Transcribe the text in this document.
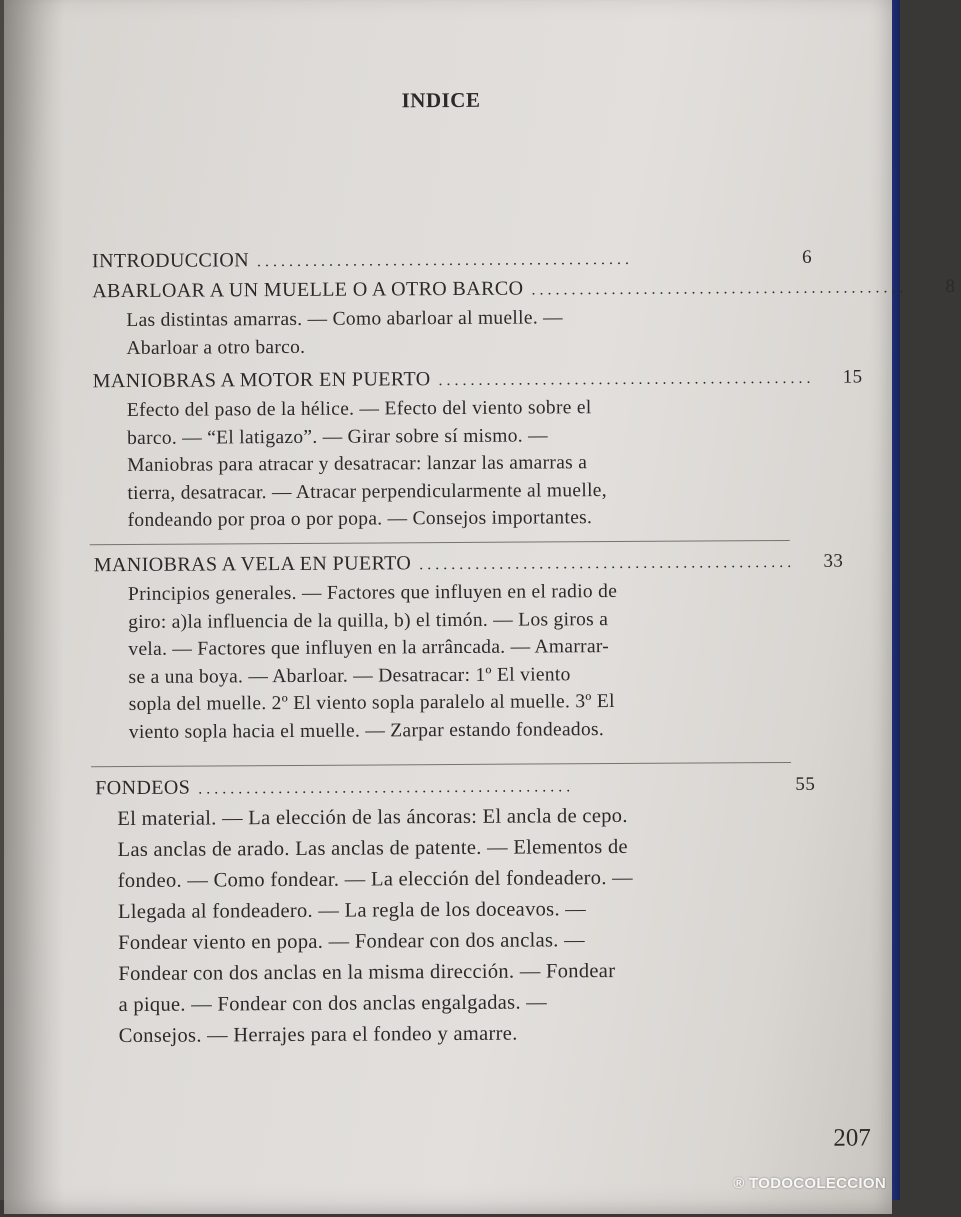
INDICE
INTRODUCCION ...............................................	6
ABARLOAR A UN MUELLE O A OTRO BARCO ...............................................	8
Las distintas amarras. — Como abarloar al muelle. —
Abarloar a otro barco.
MANIOBRAS A MOTOR EN PUERTO ...............................................	15
Efecto del paso de la hélice. — Efecto del viento sobre el
barco. — “El latigazo”. — Girar sobre sí mismo. —
Maniobras para atracar y desatracar: lanzar las amarras a
tierra, desatracar. — Atracar perpendicularmente al muelle,
fondeando por proa o por popa. — Consejos importantes.
MANIOBRAS A VELA EN PUERTO ...............................................	33
Principios generales. — Factores que influyen en el radio de
giro: a)la influencia de la quilla, b) el timón. — Los giros a
vela. — Factores que influyen en la arrâncada. — Amarrar-
se a una boya. — Abarloar. — Desatracar: 1º El viento
sopla del muelle. 2º El viento sopla paralelo al muelle. 3º El
viento sopla hacia el muelle. — Zarpar estando fondeados.
FONDEOS ...............................................	55
El material. — La elección de las áncoras: El ancla de cepo.
Las anclas de arado. Las anclas de patente. — Elementos de
fondeo. — Como fondear. — La elección del fondeadero. —
Llegada al fondeadero. — La regla de los doceavos. —
Fondear viento en popa. — Fondear con dos anclas. —
Fondear con dos anclas en la misma dirección. — Fondear
a pique. — Fondear con dos anclas engalgadas. —
Consejos. — Herrajes para el fondeo y amarre.
207
® TODOCOLECCION
